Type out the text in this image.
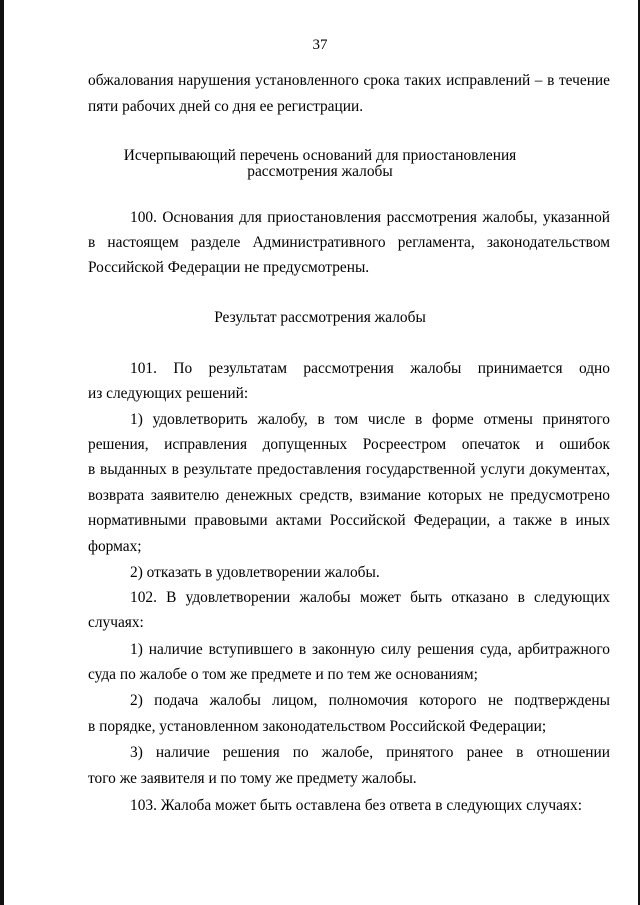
37
обжалования нарушения установленного срока таких исправлений – в течение
пяти рабочих дней со дня ее регистрации.
Исчерпывающий перечень оснований для приостановления
рассмотрения жалобы
100. Основания для приостановления рассмотрения жалобы, указанной
в настоящем разделе Административного регламента, законодательством
Российской Федерации не предусмотрены.
Результат рассмотрения жалобы
101. По результатам рассмотрения жалобы принимается одно
из следующих решений:
1) удовлетворить жалобу, в том числе в форме отмены принятого
решения, исправления допущенных Росреестром опечаток и ошибок
в выданных в результате предоставления государственной услуги документах,
возврата заявителю денежных средств, взимание которых не предусмотрено
нормативными правовыми актами Российской Федерации, а также в иных
формах;
2) отказать в удовлетворении жалобы.
102. В удовлетворении жалобы может быть отказано в следующих
случаях:
1) наличие вступившего в законную силу решения суда, арбитражного
суда по жалобе о том же предмете и по тем же основаниям;
2) подача жалобы лицом, полномочия которого не подтверждены
в порядке, установленном законодательством Российской Федерации;
3) наличие решения по жалобе, принятого ранее в отношении
того же заявителя и по тому же предмету жалобы.
103. Жалоба может быть оставлена без ответа в следующих случаях:
